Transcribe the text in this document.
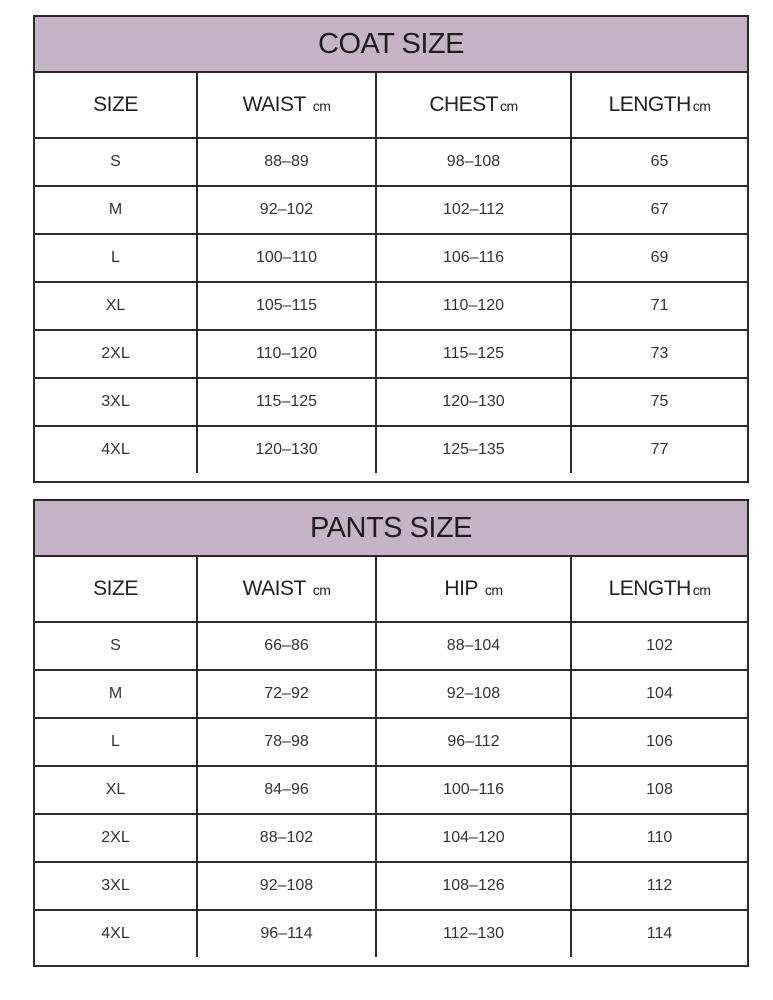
COAT SIZE
SIZE	WAIST cm	CHEST cm	LENGTH cm
S	88–89	98–108	65
M	92–102	102–112	67
L	100–110	106–116	69
XL	105–115	110–120	71
2XL	110–120	115–125	73
3XL	115–125	120–130	75
4XL	120–130	125–135	77
PANTS SIZE
SIZE	WAIST cm	HIP cm	LENGTH cm
S	66–86	88–104	102
M	72–92	92–108	104
L	78–98	96–112	106
XL	84–96	100–116	108
2XL	88–102	104–120	110
3XL	92–108	108–126	112
4XL	96–114	112–130	114
